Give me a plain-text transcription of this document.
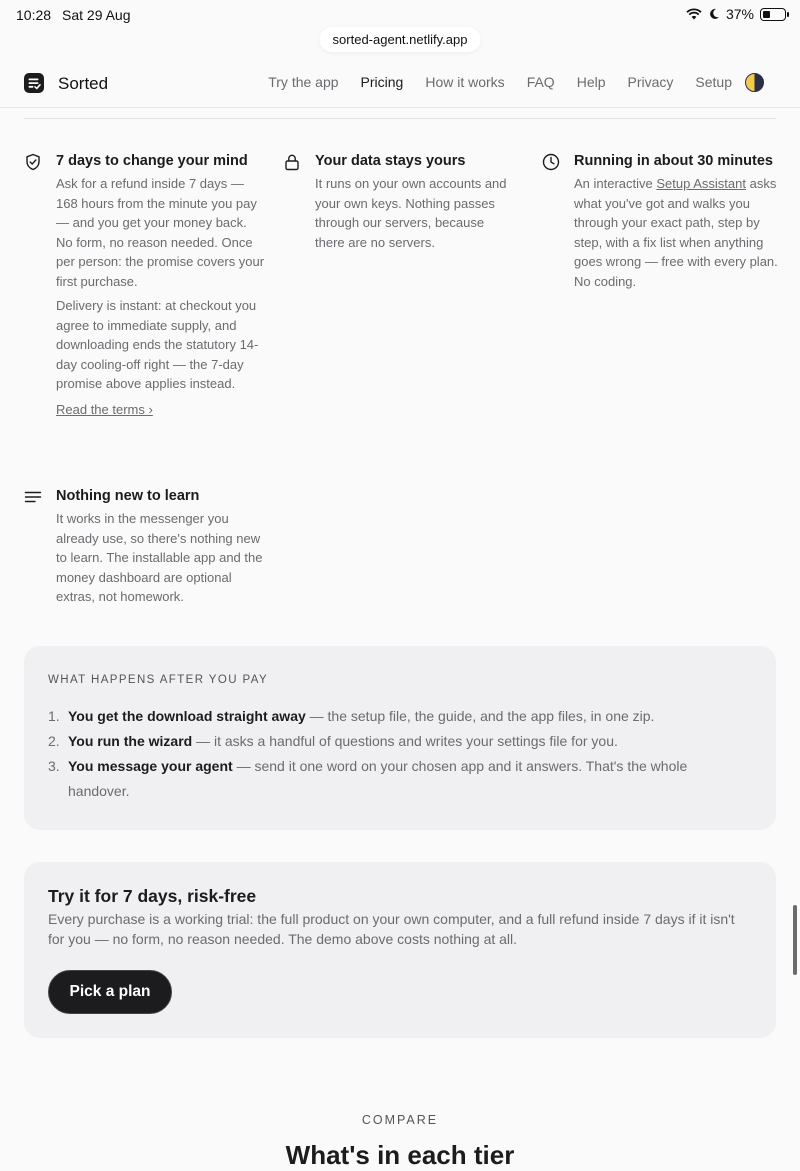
10:28 Sat 29 Aug	37%
sorted-agent.netlify.app
Sorted	Try the app Pricing How it works FAQ Help Privacy Setup
7 days to change your mind
Ask for a refund inside 7 days — 168 hours from the minute you pay — and you get your money back. No form, no reason needed. Once per person: the promise covers your first purchase.
Delivery is instant: at checkout you agree to immediate supply, and downloading ends the statutory 14-day cooling-off right — the 7-day promise above applies instead.
Read the terms ›
Your data stays yours
It runs on your own accounts and your own keys. Nothing passes through our servers, because there are no servers.
Running in about 30 minutes
An interactive Setup Assistant asks what you've got and walks you through your exact path, step by step, with a fix list when anything goes wrong — free with every plan. No coding.
Nothing new to learn
It works in the messenger you already use, so there's nothing new to learn. The installable app and the money dashboard are optional extras, not homework.
WHAT HAPPENS AFTER YOU PAY
1. You get the download straight away — the setup file, the guide, and the app files, in one zip.
2. You run the wizard — it asks a handful of questions and writes your settings file for you.
3. You message your agent — send it one word on your chosen app and it answers. That's the whole handover.
Try it for 7 days, risk-free
Every purchase is a working trial: the full product on your own computer, and a full refund inside 7 days if it isn't for you — no form, no reason needed. The demo above costs nothing at all.
Pick a plan
COMPARE
What's in each tier
